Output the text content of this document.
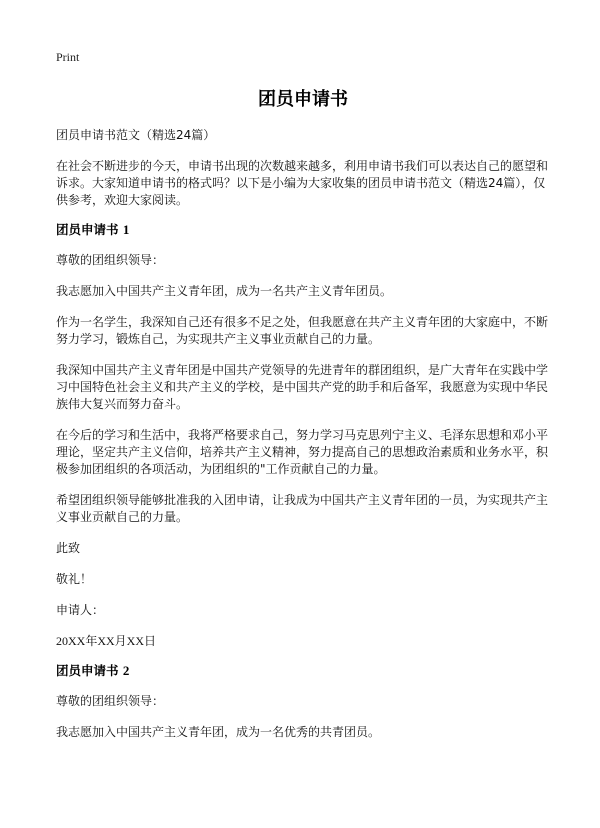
Print
团员申请书

团员申请书范文（精选24篇）

在社会不断进步的今天，申请书出现的次数越来越多，利用申请书我们可以表达自己的愿望和诉求。大家知道申请书的格式吗？以下是小编为大家收集的团员申请书范文（精选24篇），仅供参考，欢迎大家阅读。

团员申请书 1

尊敬的团组织领导：

我志愿加入中国共产主义青年团，成为一名共产主义青年团员。

作为一名学生，我深知自己还有很多不足之处，但我愿意在共产主义青年团的大家庭中，不断努力学习，锻炼自己，为实现共产主义事业贡献自己的力量。

我深知中国共产主义青年团是中国共产党领导的先进青年的群团组织，是广大青年在实践中学习中国特色社会主义和共产主义的学校，是中国共产党的助手和后备军，我愿意为实现中华民族伟大复兴而努力奋斗。

在今后的学习和生活中，我将严格要求自己，努力学习马克思列宁主义、毛泽东思想和邓小平理论，坚定共产主义信仰，培养共产主义精神，努力提高自己的思想政治素质和业务水平，积极参加团组织的各项活动，为团组织的"工作贡献自己的力量。

希望团组织领导能够批准我的入团申请，让我成为中国共产主义青年团的一员，为实现共产主义事业贡献自己的力量。

此致

敬礼！

申请人：

20XX年XX月XX日

团员申请书 2

尊敬的团组织领导：

我志愿加入中国共产主义青年团，成为一名优秀的共青团员。
